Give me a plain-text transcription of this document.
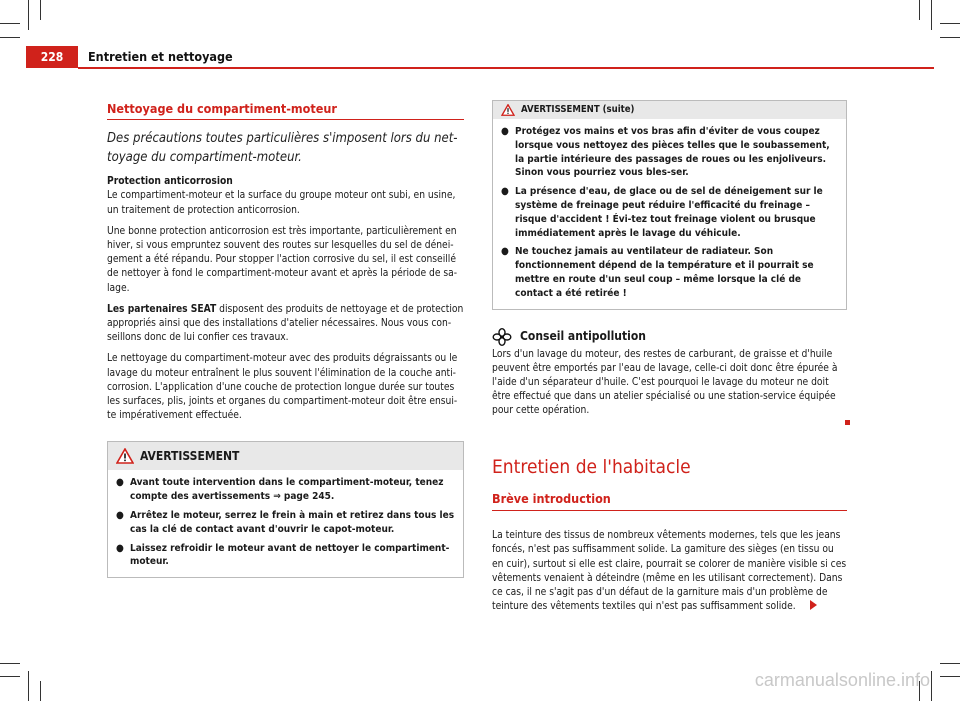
228	Entretien et nettoyage
Nettoyage du compartiment-moteur

Des précautions toutes particulières s'imposent lors du net-toyage du compartiment-moteur.

Protection anticorrosion

Le compartiment-moteur et la surface du groupe moteur ont subi, en usine, un traitement de protection anticorrosion.

Une bonne protection anticorrosion est très importante, particulièrement en hiver, si vous empruntez souvent des routes sur lesquelles du sel de dénei-gement a été répandu. Pour stopper l'action corrosive du sel, il est conseillé de nettoyer à fond le compartiment-moteur avant et après la période de sa-lage.

Les partenaires SEAT disposent des produits de nettoyage et de protection appropriés ainsi que des installations d'atelier nécessaires. Nous vous con-seillons donc de lui confier ces travaux.

Le nettoyage du compartiment-moteur avec des produits dégraissants ou le lavage du moteur entraînent le plus souvent l'élimination de la couche anti-corrosion. L'application d'une couche de protection longue durée sur toutes les surfaces, plis, joints et organes du compartiment-moteur doit être ensui-te impérativement effectuée.

AVERTISSEMENT
● Avant toute intervention dans le compartiment-moteur, tenez compte des avertissements ⇒ page 245.
● Arrêtez le moteur, serrez le frein à main et retirez dans tous les cas la clé de contact avant d'ouvrir le capot-moteur.
● Laissez refroidir le moteur avant de nettoyer le compartiment-moteur.
AVERTISSEMENT (suite)
● Protégez vos mains et vos bras afin d'éviter de vous coupez lorsque vous nettoyez des pièces telles que le soubassement, la partie intérieure des passages de roues ou les enjoliveurs. Sinon vous pourriez vous bles-ser.
● La présence d'eau, de glace ou de sel de déneigement sur le système de freinage peut réduire l'efficacité du freinage – risque d'accident ! Évi-tez tout freinage violent ou brusque immédiatement après le lavage du véhicule.
● Ne touchez jamais au ventilateur de radiateur. Son fonctionnement dépend de la température et il pourrait se mettre en route d'un seul coup – même lorsque la clé de contact a été retirée !
Conseil antipollution

Lors d'un lavage du moteur, des restes de carburant, de graisse et d'huile peuvent être emportés par l'eau de lavage, celle-ci doit donc être épurée à l'aide d'un séparateur d'huile. C'est pourquoi le lavage du moteur ne doit être effectué que dans un atelier spécialisé ou une station-service équipée pour cette opération.

Entretien de l'habitacle
Brève introduction

La teinture des tissus de nombreux vêtements modernes, tels que les jeans foncés, n'est pas suffisamment solide. La gamiture des sièges (en tissu ou en cuir), surtout si elle est claire, pourrait se colorer de manière visible si ces vêtements venaient à déteindre (même en les utilisant correctement). Dans ce cas, il ne s'agit pas d'un défaut de la garniture mais d'un problème de teinture des vêtements textiles qui n'est pas suffisamment solide.

carmanualsonline.info
